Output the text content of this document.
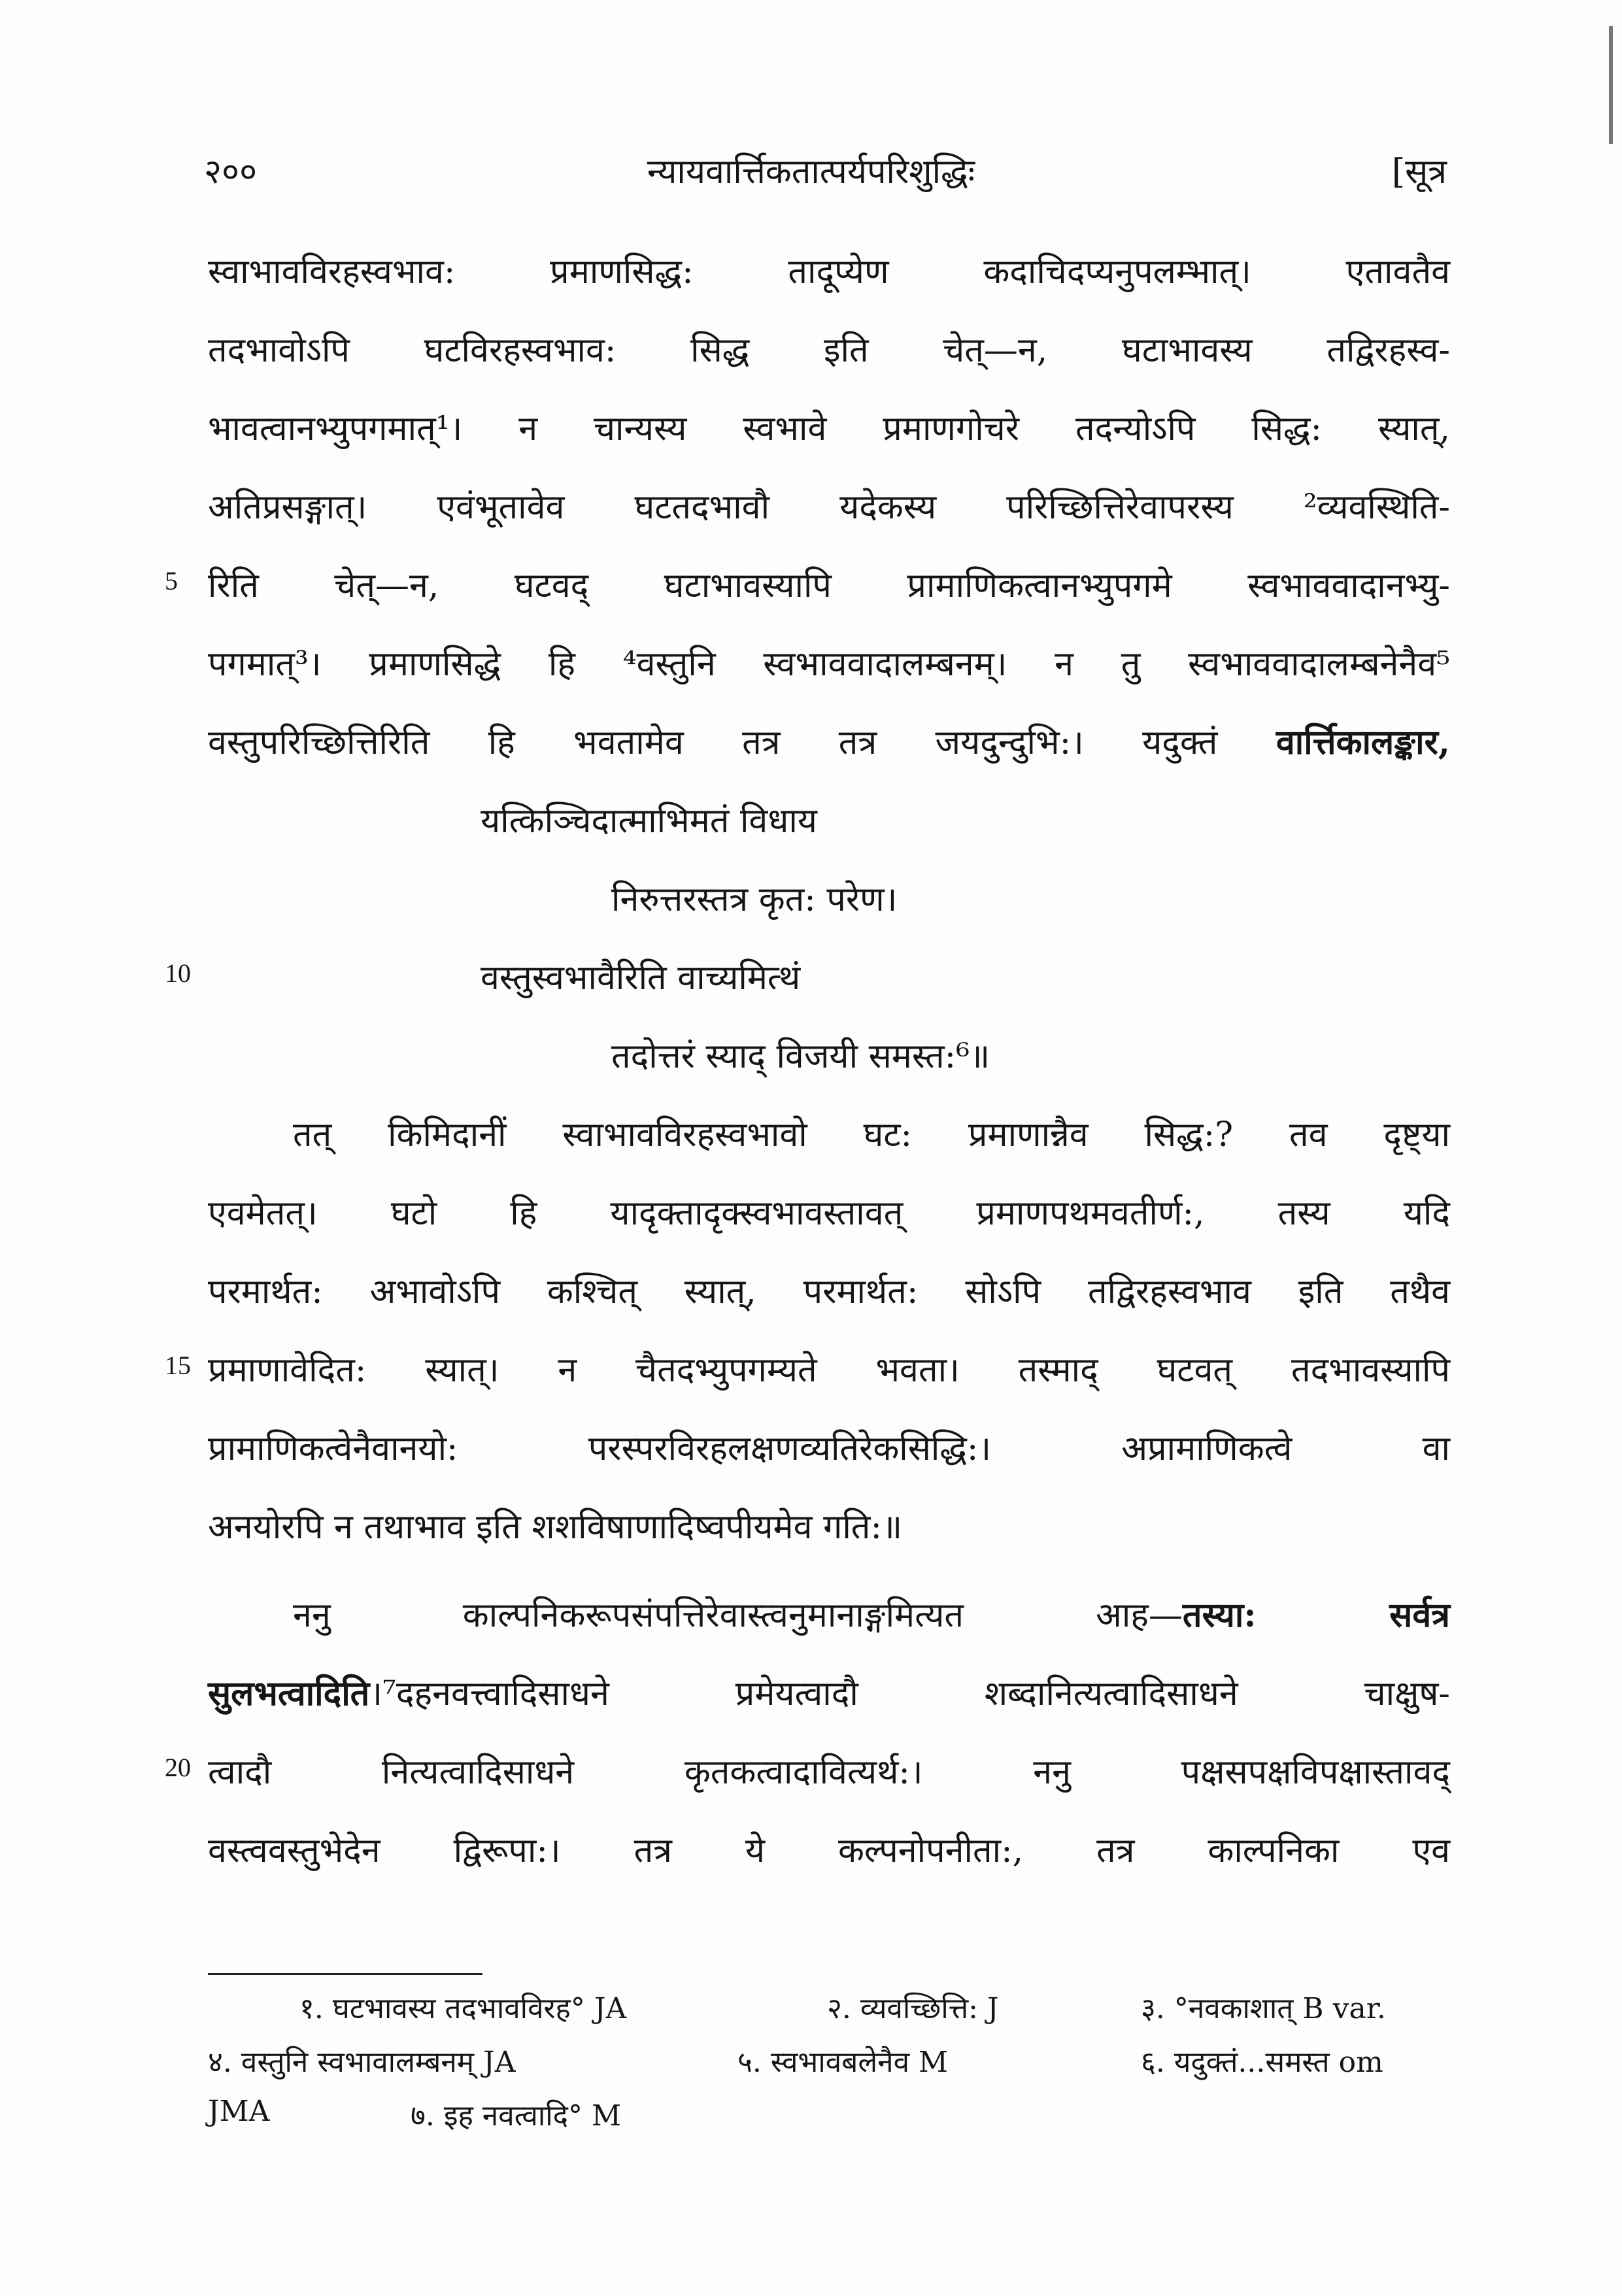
न्यायवार्त्तिकतात्पर्यपरिशुद्धिः
२००	[सूत्र
स्वाभावविरहस्वभाव: प्रमाणसिद्ध: तादूप्येण कदाचिदप्यनुपलम्भात्। एतावतैव
तदभावोऽपि घटविरहस्वभाव: सिद्ध इति चेत्—न, घटाभावस्य तद्विरहस्व-
भावत्वानभ्युपगमात्¹। न चान्यस्य स्वभावे प्रमाणगोचरे तदन्योऽपि सिद्ध: स्यात्,
अतिप्रसङ्गात्। एवंभूतावेव घटतदभावौ यदेकस्य परिच्छित्तिरेवापरस्य ²व्यवस्थिति-
रिति चेत्—न, घटवद् घटाभावस्यापि प्रामाणिकत्वानभ्युपगमे स्वभाववादानभ्यु-
पगमात्³। प्रमाणसिद्धे हि ⁴वस्तुनि स्वभाववादालम्बनम्। न तु स्वभाववादालम्बनेनैव⁵
वस्तुपरिच्छित्तिरिति हि भवतामेव तत्र तत्र जयदुन्दुभि:। यदुक्तं वार्त्तिकालङ्कार,
यत्किञ्चिदात्माभिमतं विधाय
निरुत्तरस्तत्र कृत: परेण।
वस्तुस्वभावैरिति वाच्यमित्थं
तदोत्तरं स्याद् विजयी समस्त:⁶॥
तत् किमिदानीं स्वाभावविरहस्वभावो घट: प्रमाणान्नैव सिद्ध:? तव दृष्ट्या
एवमेतत्। घटो हि यादृक्तादृक्स्वभावस्तावत् प्रमाणपथमवतीर्ण:, तस्य यदि
परमार्थत: अभावोऽपि कश्चित् स्यात्, परमार्थत: सोऽपि तद्विरहस्वभाव इति तथैव
प्रमाणावेदित: स्यात्। न चैतदभ्युपगम्यते भवता। तस्माद् घटवत् तदभावस्यापि
प्रामाणिकत्वेनैवानयो: परस्परविरहलक्षणव्यतिरेकसिद्धि:। अप्रामाणिकत्वे वा
अनयोरपि न तथाभाव इति शशविषाणादिष्वपीयमेव गति:॥
ननु काल्पनिकरूपसंपत्तिरेवास्त्वनुमानाङ्गमित्यत आह—तस्या: सर्वत्र
सुलभत्वादिति।⁷दहनवत्त्वादिसाधने प्रमेयत्वादौ शब्दानित्यत्वादिसाधने चाक्षुष-
त्वादौ नित्यत्वादिसाधने कृतकत्वादावित्यर्थ:। ननु पक्षसपक्षविपक्षास्तावद्
वस्त्ववस्तुभेदेन द्विरूपा:। तत्र ये कल्पनोपनीता:, तत्र काल्पनिका एव
5
10
15
20
१. घटभावस्य तदभावविरह° JA	२. व्यवच्छित्ति: J	३. °नवकाशात् B var.
४. वस्तुनि स्वभावालम्बनम् JA	५. स्वभावबलेनैव M	६. यदुक्तं...समस्त om
JMA	७. इह नवत्वादि° M
